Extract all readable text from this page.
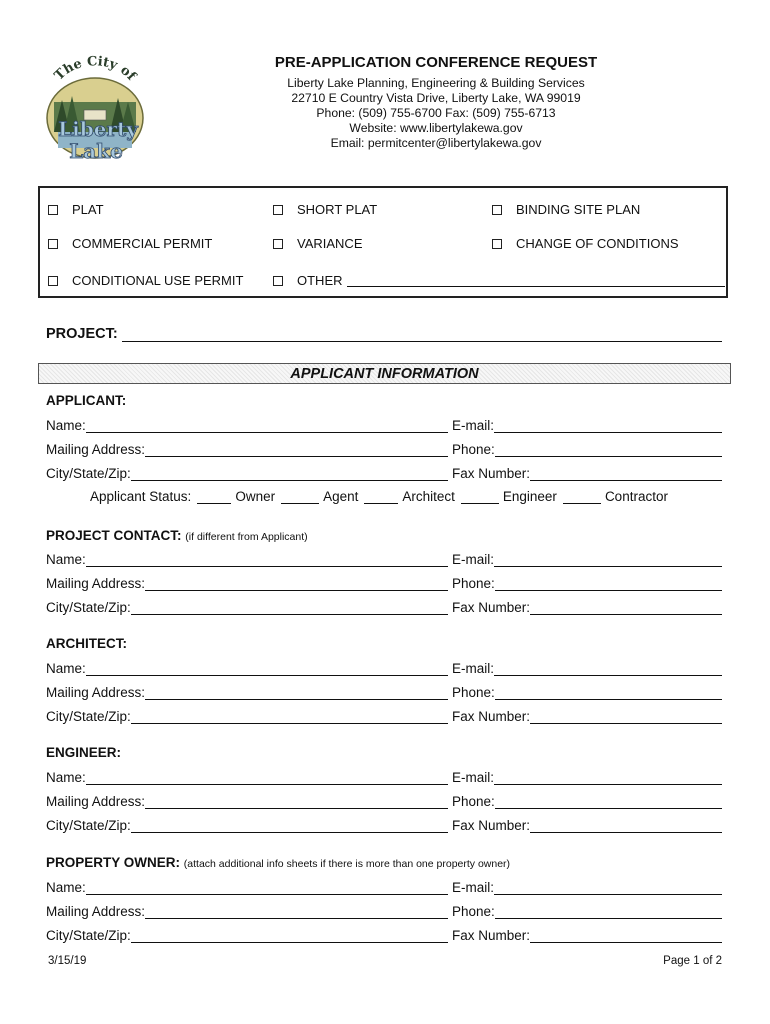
The City of
Liberty
Lake
PRE-APPLICATION CONFERENCE REQUEST
Liberty Lake Planning, Engineering & Building Services
22710 E Country Vista Drive, Liberty Lake, WA 99019
Phone: (509) 755-6700 Fax: (509) 755-6713
Website: www.libertylakewa.gov
Email: permitcenter@libertylakewa.gov
PLAT	SHORT PLAT	BINDING SITE PLAN
COMMERCIAL PERMIT	VARIANCE	CHANGE OF CONDITIONS
CONDITIONAL USE PERMIT	OTHER
PROJECT:
APPLICANT INFORMATION
APPLICANT:
Name:	E-mail:
Mailing Address:	Phone:
City/State/Zip:	Fax Number:
Applicant Status:	Owner	Agent	Architect	Engineer	Contractor
PROJECT CONTACT: (if different from Applicant)
Name:	E-mail:
Mailing Address:	Phone:
City/State/Zip:	Fax Number:
ARCHITECT:
Name:	E-mail:
Mailing Address:	Phone:
City/State/Zip:	Fax Number:
ENGINEER:
Name:	E-mail:
Mailing Address:	Phone:
City/State/Zip:	Fax Number:
PROPERTY OWNER: (attach additional info sheets if there is more than one property owner)
Name:	E-mail:
Mailing Address:	Phone:
City/State/Zip:	Fax Number:
3/15/19	Page 1 of 2
